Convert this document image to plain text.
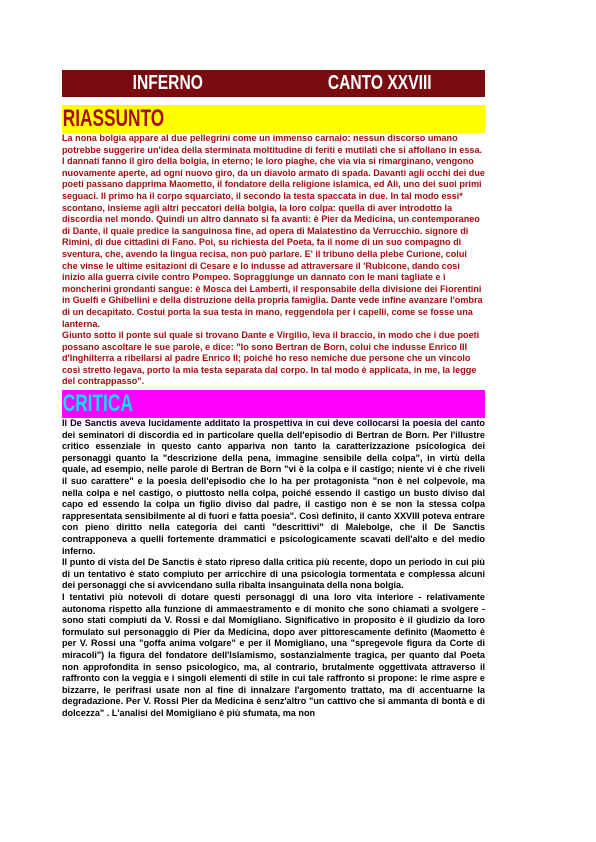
INFERNO	CANTO XXVIII
RIASSUNTO

La nona bolgia appare al due pellegrini come un immenso carnaio: nessun discorso umano potrebbe suggerire un'idea della sterminata moltitudine di feriti e mutilati che si affollano in essa. I dannati fanno il giro della bolgia, in eterno; le loro piaghe, che via via si rimarginano, vengono nuovamente aperte, ad ogni nuovo giro, da un diavolo armato di spada. Davanti agli occhi dei due poeti passano dapprima Maometto, il fondatore della religione islamica, ed Alì, uno dei suoi primi seguaci. Il primo ha il corpo squarciato, il secondo la testa spaccata in due. In tal modo essi* scontano, insieme agli altri peccatori della bolgia, la loro colpa: quella di aver introdotto la discordia nel mondo. Quindi un altro dannato si fa avanti: è Pier da Medicina, un contemporaneo di Dante, il quale predice la sanguinosa fine, ad opera di Malatestino da Verrucchio. signore di Rimini, di due cittadini di Fano. Poi, su richiesta del Poeta, fa il nome di un suo compagno di sventura, che, avendo la lingua recisa, non può parlare. E' il tribuno della plebe Curione, colui che vinse le ultime esitazioni di Cesare e lo indusse ad attraversare il 'Rubicone, dando così inizio alla guerra civile contro Pompeo. Sopraggiunge un dannato con le mani tagliate e i moncherini grondanti sangue: è Mosca dei Lamberti, il responsabile della divisione dei Fiorentini in Guelfi e Ghibellini e della distruzione della propria famiglia. Dante vede infine avanzare l'ombra di un decapitato. Costui porta la sua testa in mano, reggendola per i capelli, come se fosse una lanterna.

Giunto sotto il ponte sul quale si trovano Dante e Virgilio, leva il braccio, in modo che i due poeti possano ascoltare le sue parole, e dice: "Io sono Bertran de Born, colui che indusse Enrico III d'Inghilterra a ribellarsi al padre Enrico II; poiché ho reso nemiche due persone che un vincolo così stretto legava, porto la mia testa separata dal corpo. In tal modo è applicata, in me, la legge del contrappasso".

CRITICA

Il De Sanctis aveva lucidamente additato la prospettiva in cui deve collocarsi la poesia del canto dei seminatori di discordia ed in particolare quella dell'episodio di Bertran de Born. Per l'illustre critico essenziale in questo canto appariva non tanto la caratterizzazione psicologica dei personaggi quanto la "descrizione della pena, immagine sensibile della colpa", in virtù della quale, ad esempio, nelle parole di Bertran de Born "vi è la colpa e il castigo; niente vi è che riveli il suo carattere" e la poesia dell'episodio che lo ha per protagonista "non è nel colpevole, ma nella colpa e nel castigo, o piuttosto nella colpa, poiché essendo il castigo un busto diviso dal capo ed essendo la colpa un figlio diviso dal padre, il castigo non è se non la stessa colpa rappresentata sensibilmente al di fuori e fatta poesia". Così definito, il canto XXVIII poteva entrare con pieno diritto nella categoria dei canti "descrittivi" di Malebolge, che il De Sanctis contrapponeva a quelli fortemente drammatici e psicologicamente scavati dell'alto e del medio inferno.

Il punto di vista del De Sanctis è stato ripreso dalla critica più recente, dopo un periodo in cui più di un tentativo è stato compiuto per arricchire di una psicologia tormentata e complessa alcuni dei personaggi che si avvicendano sulla ribalta insanguinata della nona bolgia.

I tentativi più notevoli di dotare questi personaggi di una loro vita interiore - relativamente autonoma rispetto alla funzione di ammaestramento e di monito che sono chiamati a svolgere - sono stati compiuti da V. Rossi e dal Momigliano. Significativo in proposito è il giudizio da loro formulato sul personaggio di Pier da Medicina, dopo aver pittorescamente definito (Maometto è per V. Rossi una "goffa anima volgare" e per il Momigliano, una "spregevole figura da Corte di miracoli") la figura del fondatore dell'Islamismo, sostanzialmente tragica, per quanto dal Poeta non approfondita in senso psicologico, ma, al contrario, brutalmente oggettivata attraverso il raffronto con la veggia e i singoli elementi di stile in cui tale raffronto si propone: le rime aspre e bizzarre, le perifrasi usate non al fine di innalzare l'argomento trattato, ma di accentuarne la degradazione. Per V. Rossi Pier da Medicina è senz'altro "un cattivo che si ammanta di bontà e di dolcezza" . L'analisi del Momigliano è più sfumata, ma non
